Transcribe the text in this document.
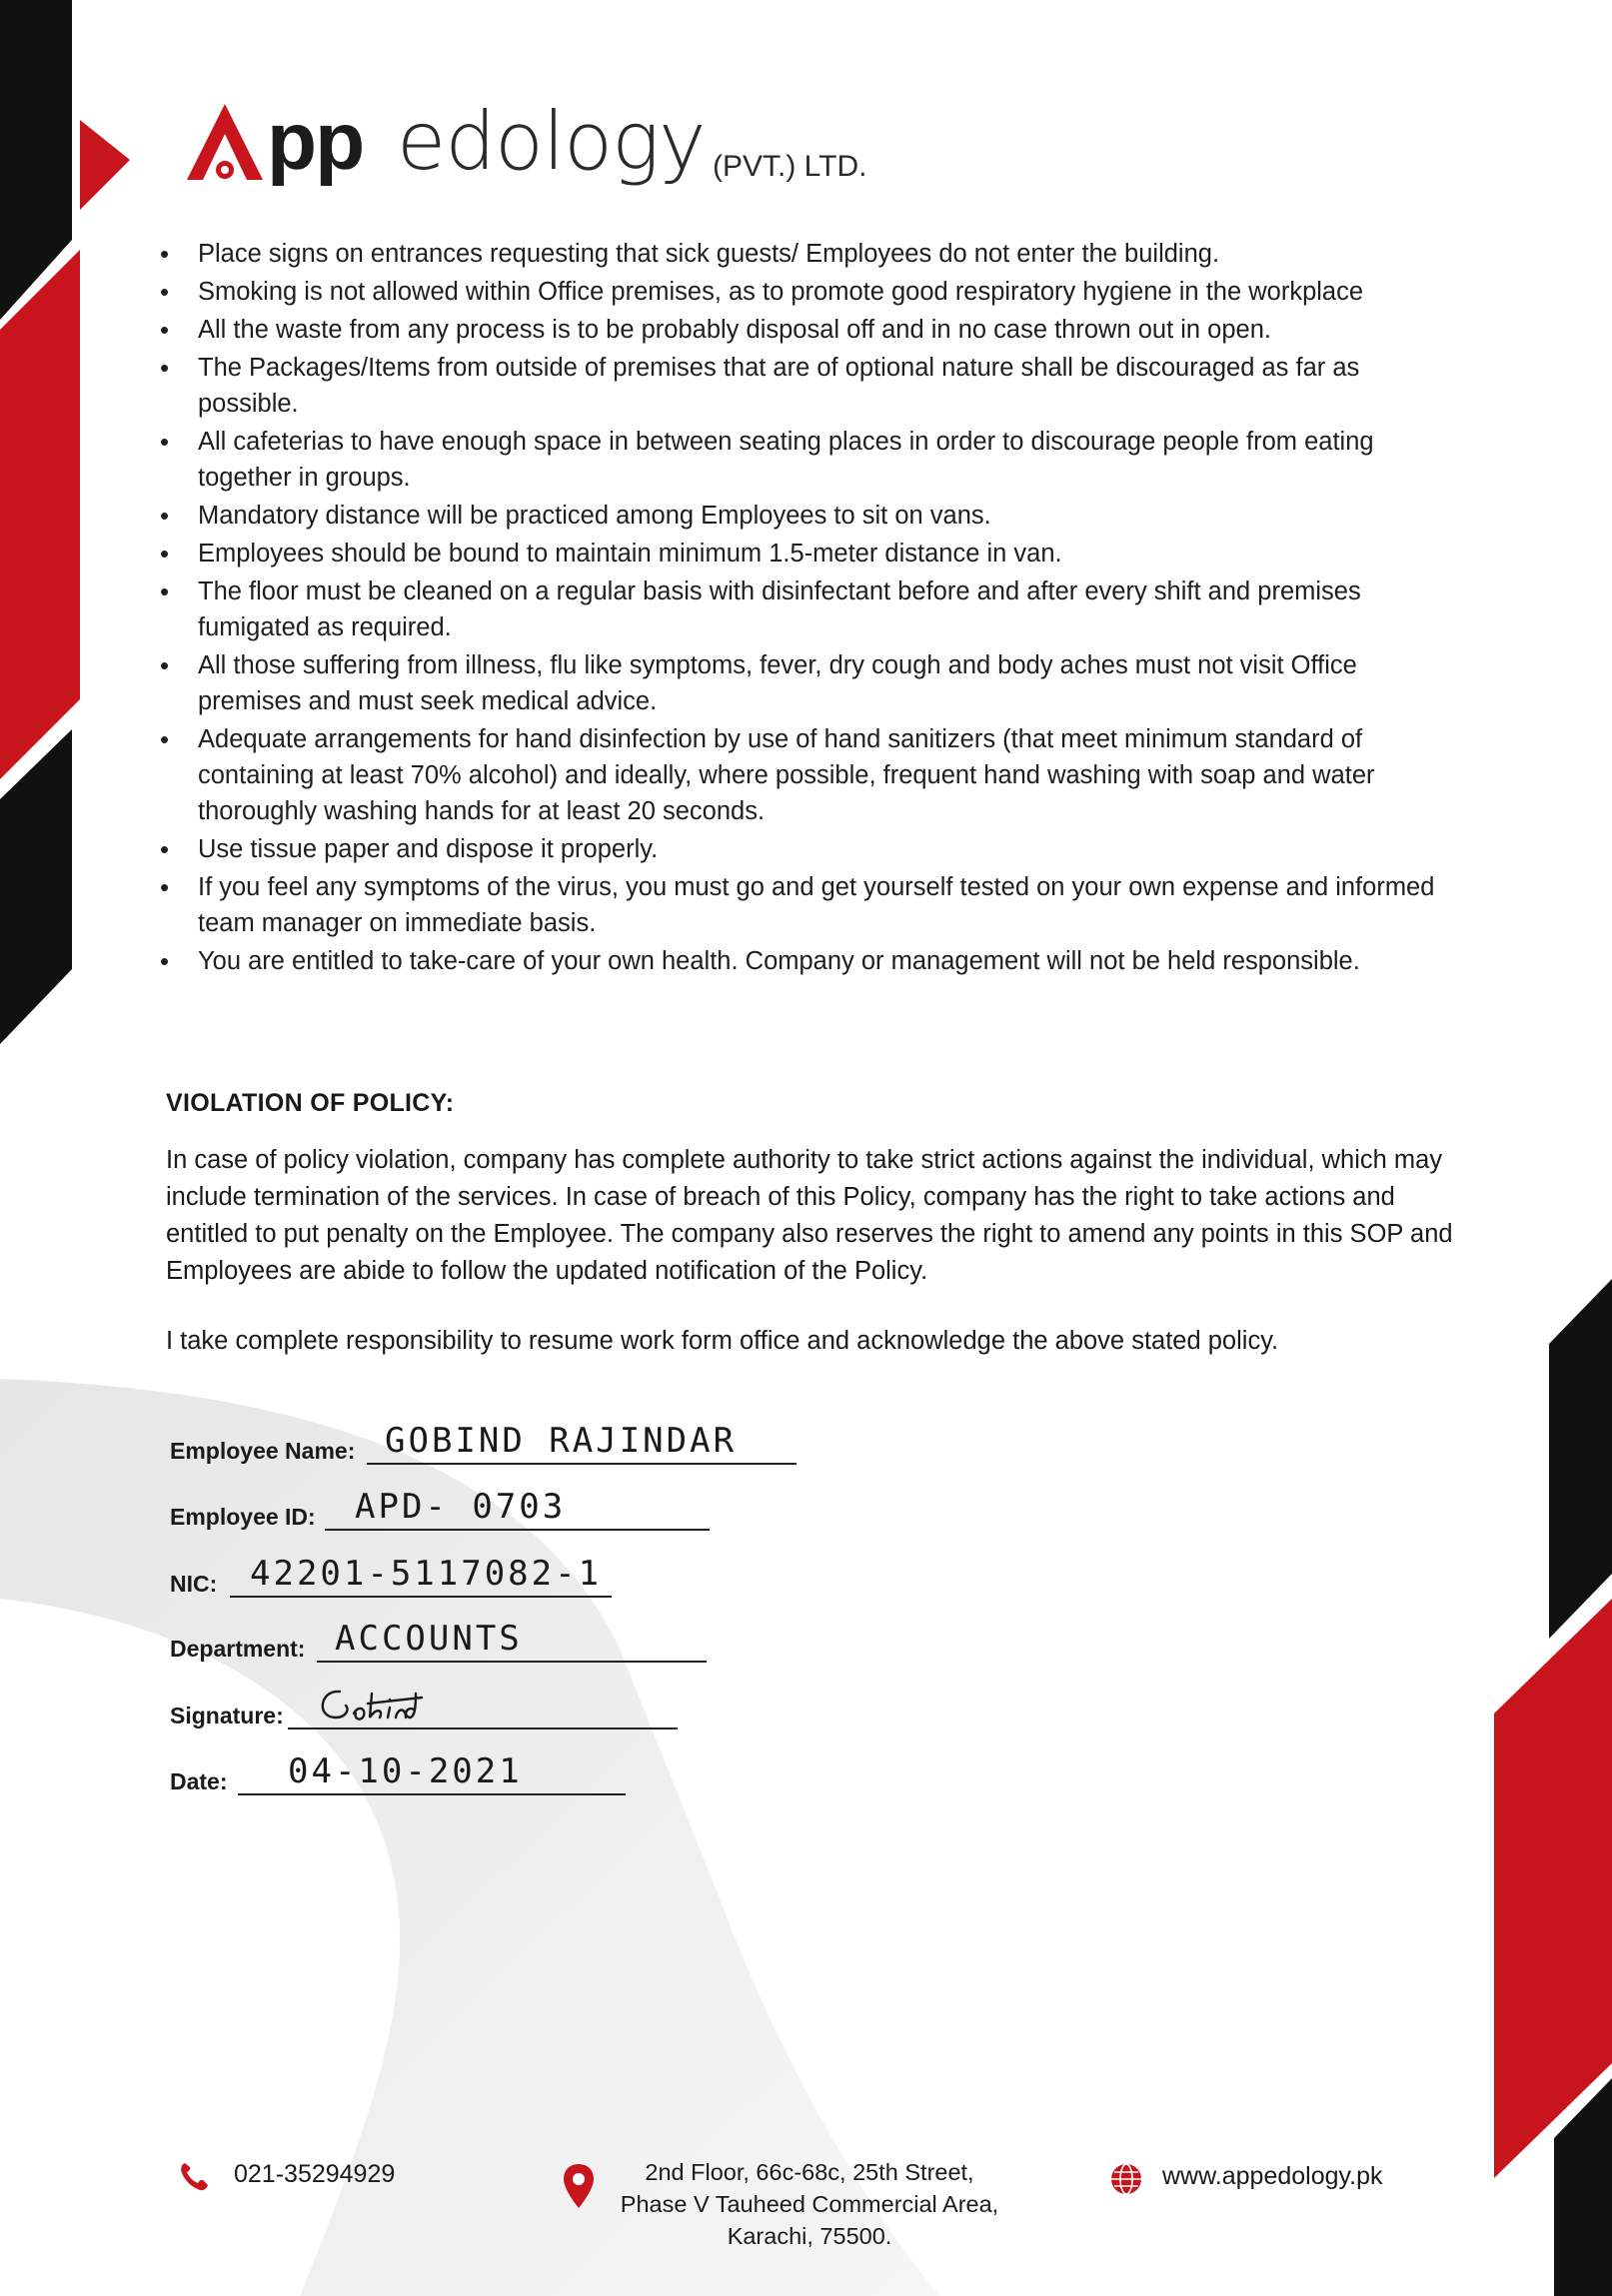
pp edology (PVT.) LTD.
• Place signs on entrances requesting that sick guests/ Employees do not enter the building.
• Smoking is not allowed within Office premises, as to promote good respiratory hygiene in the workplace
• All the waste from any process is to be probably disposal off and in no case thrown out in open.
• The Packages/Items from outside of premises that are of optional nature shall be discouraged as far as possible.
• All cafeterias to have enough space in between seating places in order to discourage people from eating together in groups.
• Mandatory distance will be practiced among Employees to sit on vans.
• Employees should be bound to maintain minimum 1.5-meter distance in van.
• The floor must be cleaned on a regular basis with disinfectant before and after every shift and premises fumigated as required.
• All those suffering from illness, flu like symptoms, fever, dry cough and body aches must not visit Office premises and must seek medical advice.
• Adequate arrangements for hand disinfection by use of hand sanitizers (that meet minimum standard of containing at least 70% alcohol) and ideally, where possible, frequent hand washing with soap and water thoroughly washing hands for at least 20 seconds.
• Use tissue paper and dispose it properly.
• If you feel any symptoms of the virus, you must go and get yourself tested on your own expense and informed team manager on immediate basis.
• You are entitled to take-care of your own health. Company or management will not be held responsible.
VIOLATION OF POLICY:

In case of policy violation, company has complete authority to take strict actions against the individual, which may include termination of the services. In case of breach of this Policy, company has the right to take actions and entitled to put penalty on the Employee. The company also reserves the right to amend any points in this SOP and Employees are abide to follow the updated notification of the Policy.

I take complete responsibility to resume work form office and acknowledge the above stated policy.

Employee Name: GOBIND RAJINDAR
Employee ID: APD- 0703
NIC: 42201-5117082-1
Department: ACCOUNTS
Signature:
Date: 04-10-2021
021-35294929	2nd Floor, 66c-68c, 25th Street,
Phase V Tauheed Commercial Area,
Karachi, 75500.
www.appedology.pk
